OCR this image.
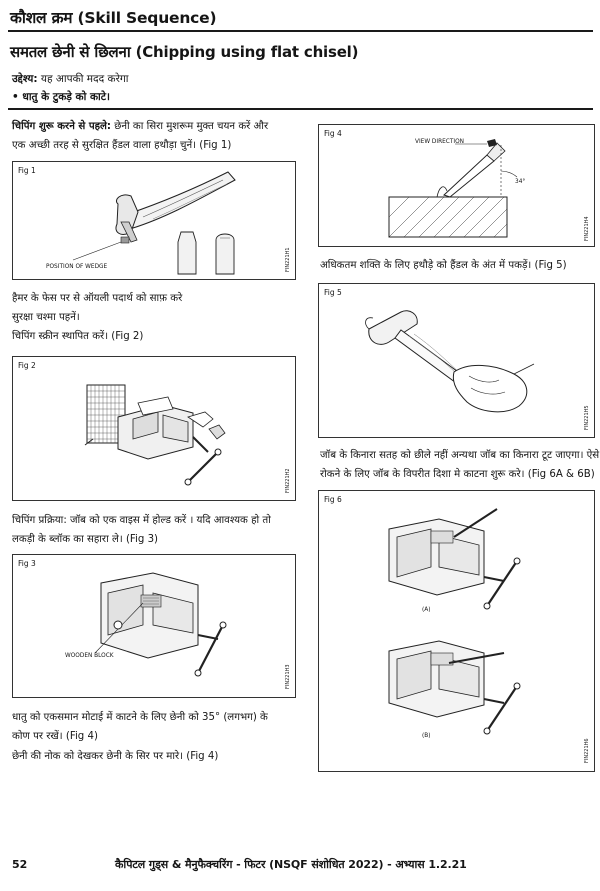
कौशल क्रम (Skill Sequence)
समतल छेनी से छिलना (Chipping using flat chisel)
उद्देश्य: यह आपकी मदद करेगा
• धातु के टुकड़े को काटे।
चिपिंग शुरू करने से पहले: छेनी का सिरा मुशरूम मुक्त चयन करें और
एक अच्छी तरह से सुरक्षित हैंडल वाला हथौड़ा चुनें। (Fig 1)
Fig 1
POSITION OF WEDGE	FIN221H1
हैमर के फेस पर से ऑयली पदार्थ को साफ़ करे
सुरक्षा चश्मा पहनें।
चिपिंग स्क्रीन स्थापित करें। (Fig 2)
Fig 2
FIN221H2
चिपिंग प्रक्रिया: जॉब को एक वाइस में होल्ड करें । यदि आवश्यक हो तो
लकड़ी के ब्लॉक का सहारा ले। (Fig 3)
Fig 3
WOODEN BLOCK
FIN221H3
धातु को एकसमान मोटाई में काटने के लिए छेनी को 35° (लगभग) के
कोण पर रखें। (Fig 4)
छेनी की नोक को देखकर छेनी के सिर पर मारे। (Fig 4)
Fig 4
VIEW DIRECTION
34°
FIN221H4
अधिकतम शक्ति के लिए हथौड़े को हैंडल के अंत में पकड़ें। (Fig 5)
Fig 5
FIN221H5
जॉब के किनारा सतह को छीले नहीं अन्यथा जॉब का किनारा टूट जाएगा। ऐसे
रोकने के लिए जॉब के विपरीत दिशा मे काटना शुरू करे। (Fig 6A & 6B)
Fig 6
(A)
(B)
FIN221H6
52	कैपिटल गुड्स & मैनुफैक्चरिंग - फिटर (NSQF संशोधित 2022) - अभ्यास 1.2.21
